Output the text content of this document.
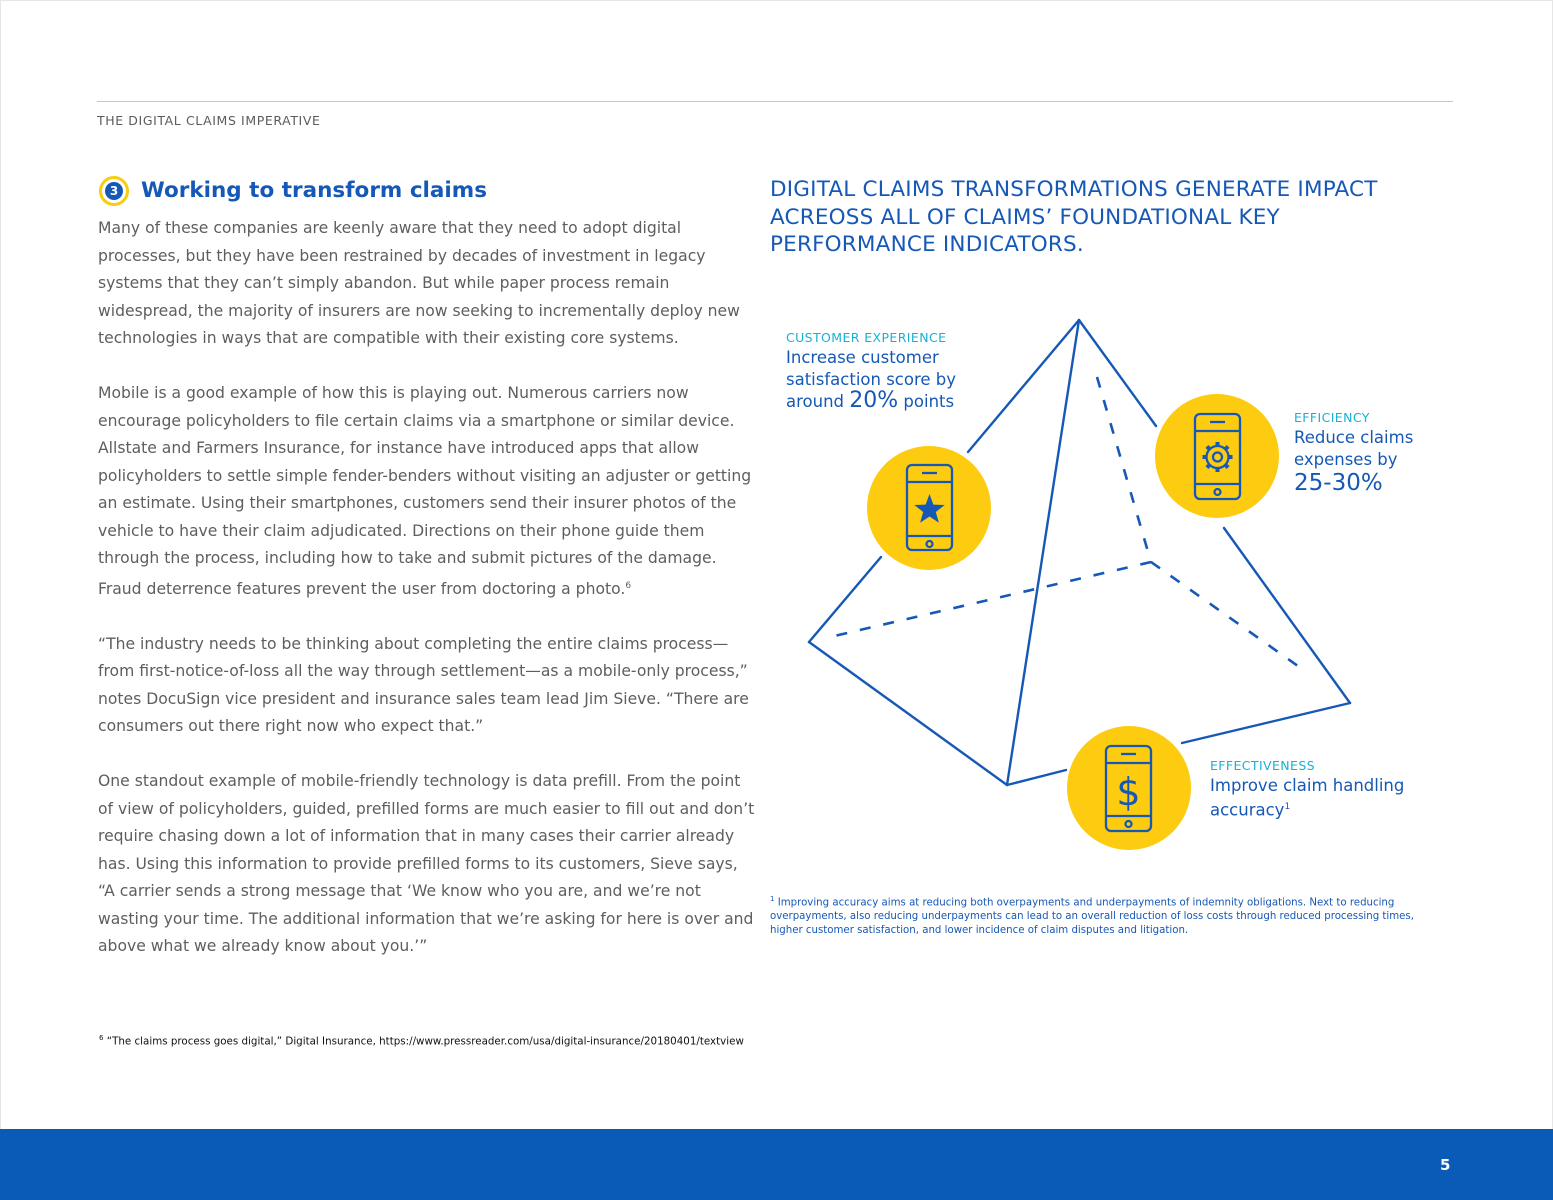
THE DIGITAL CLAIMS IMPERATIVE
3 Working to transform claims

Many of these companies are keenly aware that they need to adopt digital processes, but they have been restrained by decades of investment in legacy systems that they can’t simply abandon. But while paper process remain widespread, the majority of insurers are now seeking to incrementally deploy new technologies in ways that are compatible with their existing core systems.

Mobile is a good example of how this is playing out. Numerous carriers now encourage policyholders to file certain claims via a smartphone or similar device. Allstate and Farmers Insurance, for instance have introduced apps that allow policyholders to settle simple fender-benders without visiting an adjuster or getting an estimate. Using their smartphones, customers send their insurer photos of the vehicle to have their claim adjudicated. Directions on their phone guide them through the process, including how to take and submit pictures of the damage. Fraud deterrence features prevent the user from doctoring a photo.$^6$

“The industry needs to be thinking about completing the entire claims process—from first-notice-of-loss all the way through settlement—as a mobile-only process,” notes DocuSign vice president and insurance sales team lead Jim Sieve. “There are consumers out there right now who expect that.”

One standout example of mobile-friendly technology is data prefill. From the point of view of policyholders, guided, prefilled forms are much easier to fill out and don’t require chasing down a lot of information that in many cases their carrier already has. Using this information to provide prefilled forms to its customers, Sieve says, “A carrier sends a strong message that ‘We know who you are, and we’re not wasting your time. The additional information that we’re asking for here is over and above what we already know about you.’”

$^6$ “The claims process goes digital,” Digital Insurance, https://www.pressreader.com/usa/digital-insurance/20180401/textview
DIGITAL CLAIMS TRANSFORMATIONS GENERATE IMPACT ACREOSS ALL OF CLAIMS’ FOUNDATIONAL KEY PERFORMANCE INDICATORS.
$
CUSTOMER EXPERIENCE
Increase customer
satisfaction score by
around 20% points
EFFICIENCY
Reduce claims
expenses by
25-30%
EFFECTIVENESS
Improve claim handling
accuracy$^1$
$^1$ Improving accuracy aims at reducing both overpayments and underpayments of indemnity obligations. Next to reducing overpayments, also reducing underpayments can lead to an overall reduction of loss costs through reduced processing times, higher customer satisfaction, and lower incidence of claim disputes and litigation.
5
